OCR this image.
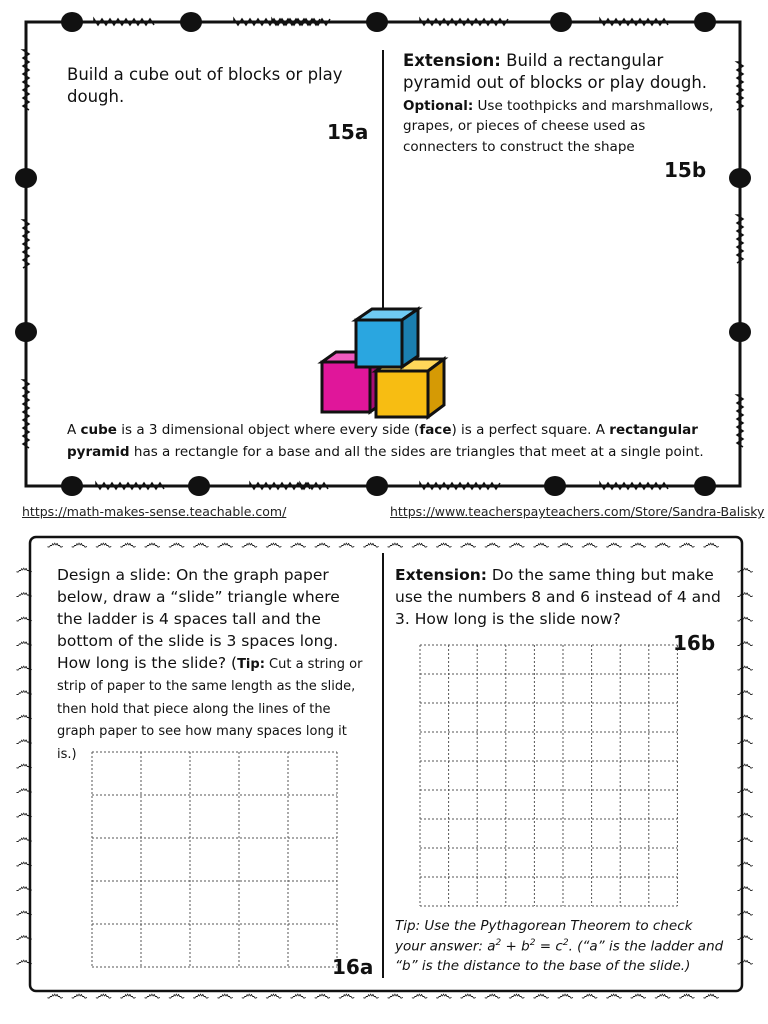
Build a cube out of blocks or play dough.
15a
Extension: Build a rectangular pyramid out of blocks or play dough.
Optional: Use toothpicks and marshmallows, grapes, or pieces of cheese used as connecters to construct the shape
15b
A cube is a 3 dimensional object where every side (face) is a perfect square. A rectangular pyramid has a rectangle for a base and all the sides are triangles that meet at a single point.
https://math-makes-sense.teachable.com/	https://www.teacherspayteachers.com/Store/Sandra-Balisky
෴
෴
෴
෴
෴
෴
෴
෴
෴
෴
෴
෴
෴
෴
෴
෴
෴
෴
෴
෴
෴
෴
෴
෴
෴
෴
෴
෴
෴
෴
෴
෴
෴
෴
෴
෴
෴
෴
෴
෴
෴
෴
෴
෴
෴
෴
෴
෴
෴
෴
෴
෴
෴
෴
෴
෴
෴	෴
෴	෴
෴	෴
෴	෴
෴	෴
෴	෴
෴	෴
෴	෴
෴	෴
෴	෴
෴	෴
෴	෴
෴	෴
෴	෴
෴	෴
෴	෴
෴	෴
Design a slide: On the graph paper below, draw a “slide” triangle where the ladder is 4 spaces tall and the bottom of the slide is 3 spaces long. How long is the slide? (Tip: Cut a string or strip of paper to the same length as the slide, then hold that piece along the lines of the graph paper to see how many spaces long it is.)
16a
Extension: Do the same thing but make use the numbers 8 and 6 instead of 4 and 3. How long is the slide now?
16b
Tip: Use the Pythagorean Theorem to check your answer: $a^2 + b^2 = c^2$. (“a” is the ladder and “b” is the distance to the base of the slide.)
